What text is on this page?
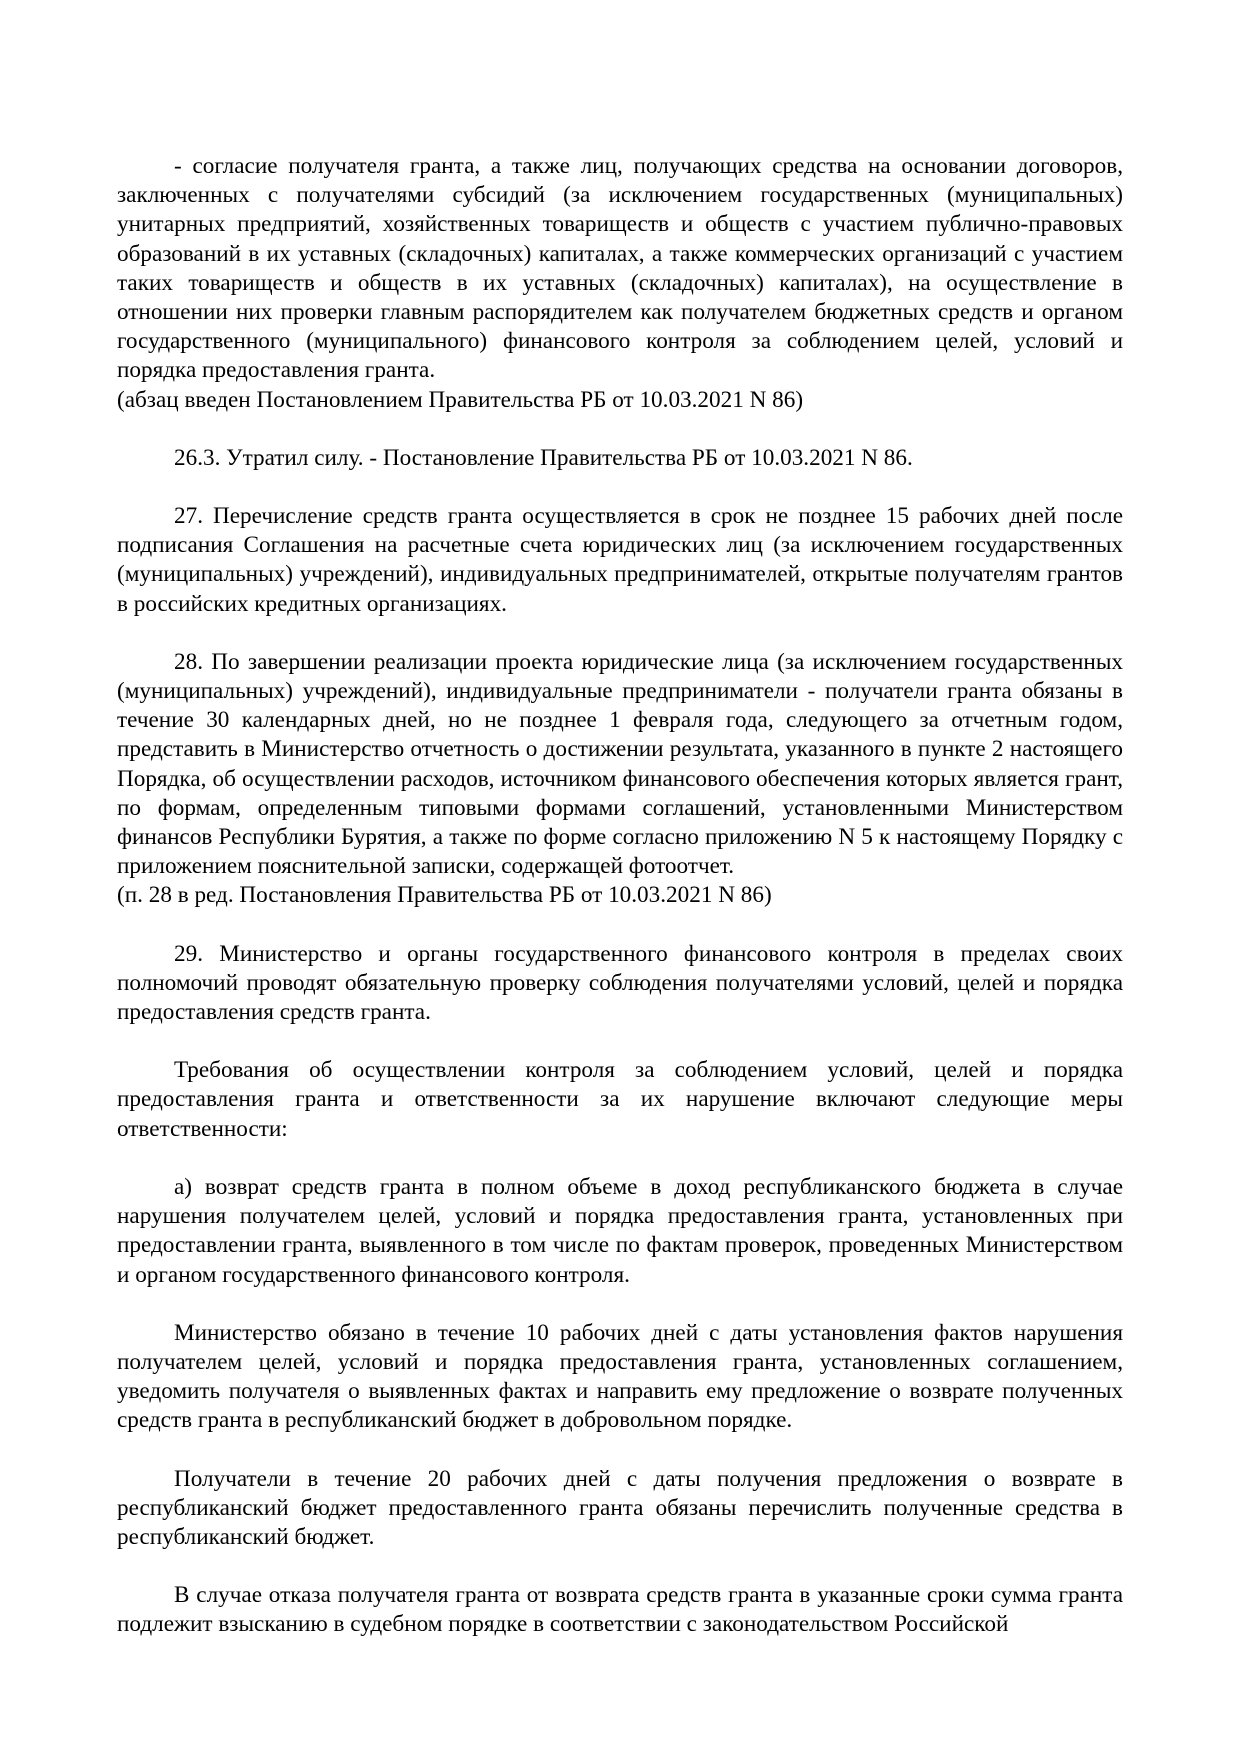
- согласие получателя гранта, а также лиц, получающих средства на основании договоров, заключенных с получателями субсидий (за исключением государственных (муниципальных) унитарных предприятий, хозяйственных товариществ и обществ с участием публично-правовых образований в их уставных (складочных) капиталах, а также коммерческих организаций с участием таких товариществ и обществ в их уставных (складочных) капиталах), на осуществление в отношении них проверки главным распорядителем как получателем бюджетных средств и органом государственного (муниципального) финансового контроля за соблюдением целей, условий и порядка предоставления гранта.

(абзац введен Постановлением Правительства РБ от 10.03.2021 N 86)

26.3. Утратил силу. - Постановление Правительства РБ от 10.03.2021 N 86.

27. Перечисление средств гранта осуществляется в срок не позднее 15 рабочих дней после подписания Соглашения на расчетные счета юридических лиц (за исключением государственных (муниципальных) учреждений), индивидуальных предпринимателей, открытые получателям грантов в российских кредитных организациях.

28. По завершении реализации проекта юридические лица (за исключением государственных (муниципальных) учреждений), индивидуальные предприниматели - получатели гранта обязаны в течение 30 календарных дней, но не позднее 1 февраля года, следующего за отчетным годом, представить в Министерство отчетность о достижении результата, указанного в пункте 2 настоящего Порядка, об осуществлении расходов, источником финансового обеспечения которых является грант, по формам, определенным типовыми формами соглашений, установленными Министерством финансов Республики Бурятия, а также по форме согласно приложению N 5 к настоящему Порядку с приложением пояснительной записки, содержащей фотоотчет.

(п. 28 в ред. Постановления Правительства РБ от 10.03.2021 N 86)

29. Министерство и органы государственного финансового контроля в пределах своих полномочий проводят обязательную проверку соблюдения получателями условий, целей и порядка предоставления средств гранта.

Требования об осуществлении контроля за соблюдением условий, целей и порядка предоставления гранта и ответственности за их нарушение включают следующие меры ответственности:

а) возврат средств гранта в полном объеме в доход республиканского бюджета в случае нарушения получателем целей, условий и порядка предоставления гранта, установленных при предоставлении гранта, выявленного в том числе по фактам проверок, проведенных Министерством и органом государственного финансового контроля.

Министерство обязано в течение 10 рабочих дней с даты установления фактов нарушения получателем целей, условий и порядка предоставления гранта, установленных соглашением, уведомить получателя о выявленных фактах и направить ему предложение о возврате полученных средств гранта в республиканский бюджет в добровольном порядке.

Получатели в течение 20 рабочих дней с даты получения предложения о возврате в республиканский бюджет предоставленного гранта обязаны перечислить полученные средства в республиканский бюджет.

В случае отказа получателя гранта от возврата средств гранта в указанные сроки сумма гранта подлежит взысканию в судебном порядке в соответствии с законодательством Российской
